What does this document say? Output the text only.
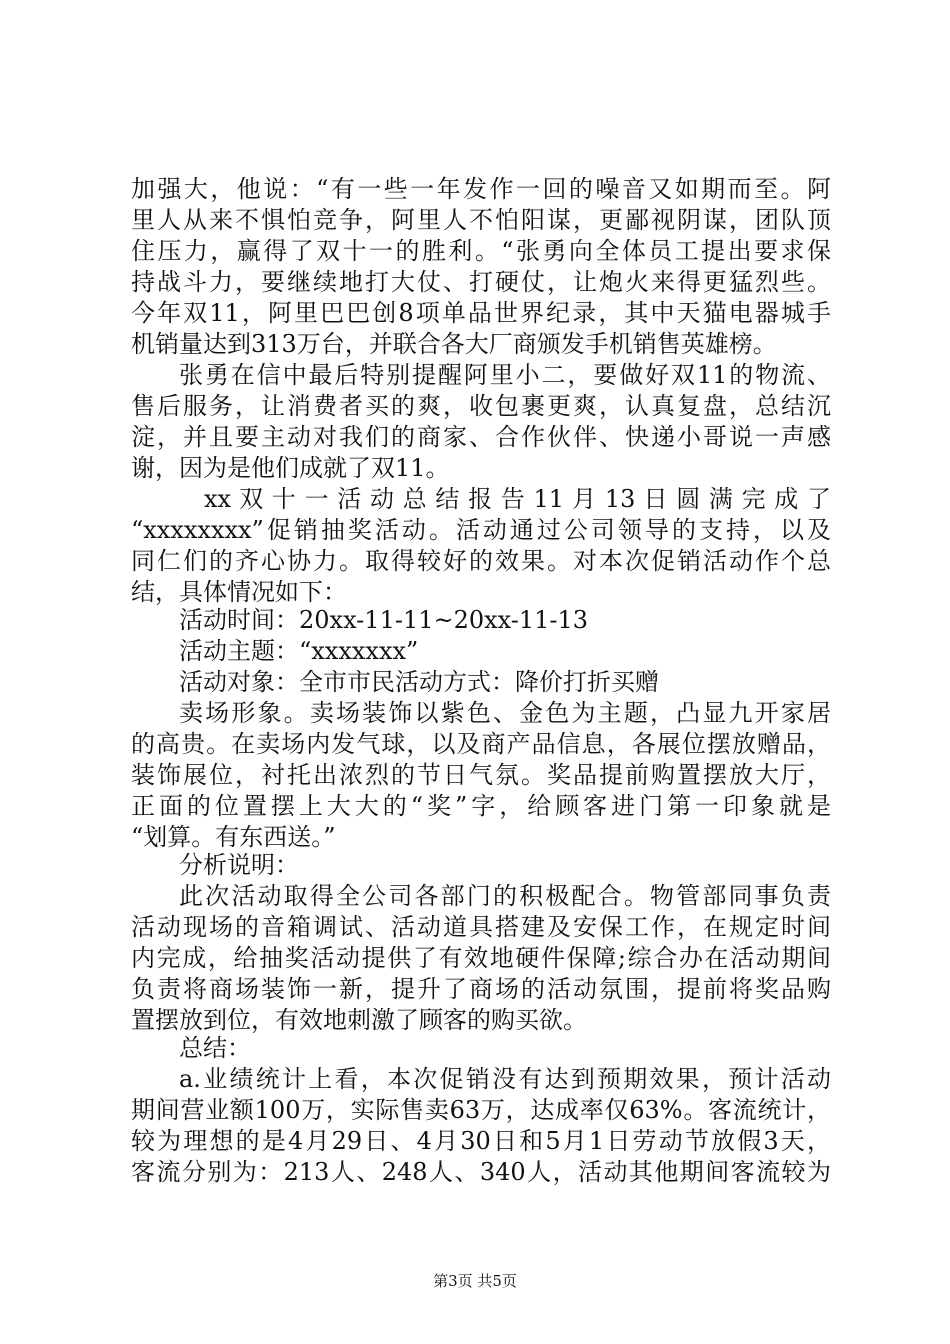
加强大，他说：“有一些一年发作一回的噪音又如期而至。阿
里人从来不惧怕竞争，阿里人不怕阳谋，更鄙视阴谋，团队顶
住压力，赢得了双十一的胜利。“张勇向全体员工提出要求保
持战斗力，要继续地打大仗、打硬仗，让炮火来得更猛烈些。
今年双11，阿里巴巴创8项单品世界纪录，其中天猫电器城手
机销量达到313万台，并联合各大厂商颁发手机销售英雄榜。
张勇在信中最后特别提醒阿里小二，要做好双11的物流、
售后服务，让消费者买的爽，收包裹更爽，认真复盘，总结沉
淀，并且要主动对我们的商家、合作伙伴、快递小哥说一声感
谢，因为是他们成就了双11。
xx 双 十 一 活 动 总 结 报 告 11 月 13 日 圆 满 完 成 了
“xxxxxxxx”促销抽奖活动。活动通过公司领导的支持，以及
同仁们的齐心协力。取得较好的效果。对本次促销活动作个总
结，具体情况如下：
活动时间：20xx-11-11~20xx-11-13
活动主题：“xxxxxxx”
活动对象：全市市民活动方式：降价打折买赠
卖场形象。卖场装饰以紫色、金色为主题，凸显九开家居
的高贵。在卖场内发气球，以及商产品信息，各展位摆放赠品，
装饰展位，衬托出浓烈的节日气氛。奖品提前购置摆放大厅，
正面的位置摆上大大的“奖”字，给顾客进门第一印象就是
“划算。有东西送。”
分析说明：
此次活动取得全公司各部门的积极配合。物管部同事负责
活动现场的音箱调试、活动道具搭建及安保工作，在规定时间
内完成，给抽奖活动提供了有效地硬件保障;综合办在活动期间
负责将商场装饰一新，提升了商场的活动氛围，提前将奖品购
置摆放到位，有效地刺激了顾客的购买欲。
总结：
a.业绩统计上看，本次促销没有达到预期效果，预计活动
期间营业额100万，实际售卖63万，达成率仅63%。客流统计，
较为理想的是4月29日、4月30日和5月1日劳动节放假3天，
客流分别为：213人、248人、340人，活动其他期间客流较为
第3页 共5页
